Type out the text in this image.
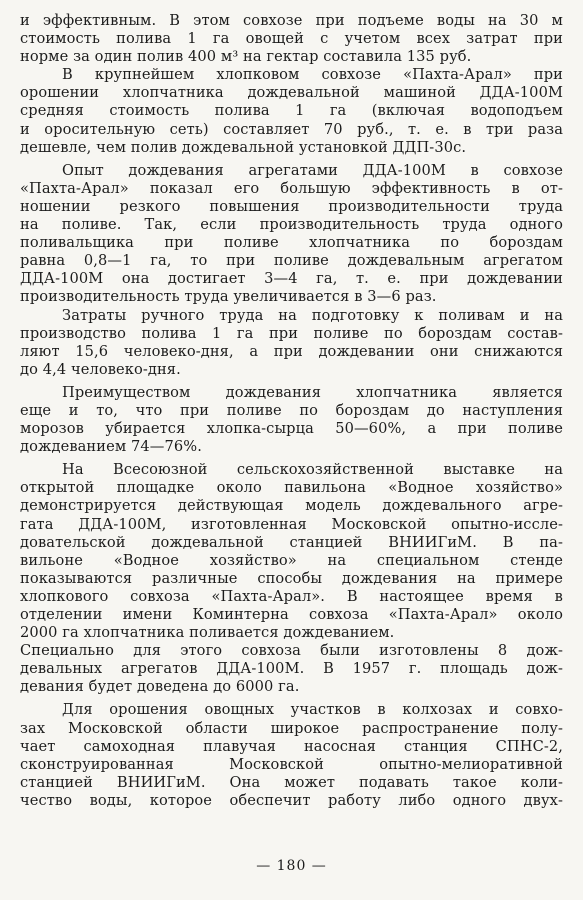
и эффективным. В этом совхозе при подъеме воды на 30 м
стоимость полива 1 га овощей с учетом всех затрат при
норме за один полив 400 м³ на гектар составила 135 руб.
В крупнейшем хлопковом совхозе «Пахта-Арал» при
орошении хлопчатника дождевальной машиной ДДА-100М
средняя стоимость полива 1 га (включая водоподъем
и оросительную сеть) составляет 70 руб., т. е. в три раза
дешевле, чем полив дождевальной установкой ДДП-30с.
Опыт дождевания агрегатами ДДА-100М в совхозе
«Пахта-Арал» показал его большую эффективность в от-
ношении резкого повышения производительности труда
на поливе. Так, если производительность труда одного
поливальщика при поливе хлопчатника по бороздам
равна 0,8—1 га, то при поливе дождевальным агрегатом
ДДА-100М она достигает 3—4 га, т. е. при дождевании
производительность труда увеличивается в 3—6 раз.
Затраты ручного труда на подготовку к поливам и на
производство полива 1 га при поливе по бороздам состав-
ляют 15,6 человеко-дня, а при дождевании они снижаются
до 4,4 человеко-дня.
Преимуществом дождевания хлопчатника является
еще и то, что при поливе по бороздам до наступления
морозов убирается хлопка-сырца 50—60%, а при поливе
дождеванием 74—76%.
На Всесоюзной сельскохозяйственной выставке на
открытой площадке около павильона «Водное хозяйство»
демонстрируется действующая модель дождевального агре-
гата ДДА-100М, изготовленная Московской опытно-иссле-
довательской дождевальной станцией ВНИИГиМ. В па-
вильоне «Водное хозяйство» на специальном стенде
показываются различные способы дождевания на примере
хлопкового совхоза «Пахта-Арал». В настоящее время в
отделении имени Коминтерна совхоза «Пахта-Арал» около
2000 га хлопчатника поливается дождеванием.
Специально для этого совхоза были изготовлены 8 дож-
девальных агрегатов ДДА-100М. В 1957 г. площадь дож-
девания будет доведена до 6000 га.
Для орошения овощных участков в колхозах и совхо-
зах Московской области широкое распространение полу-
чает самоходная плавучая насосная станция СПНС-2,
сконструированная Московской опытно-мелиоративной
станцией ВНИИГиМ. Она может подавать такое коли-
чество воды, которое обеспечит работу либо одного двух-
— 180 —
